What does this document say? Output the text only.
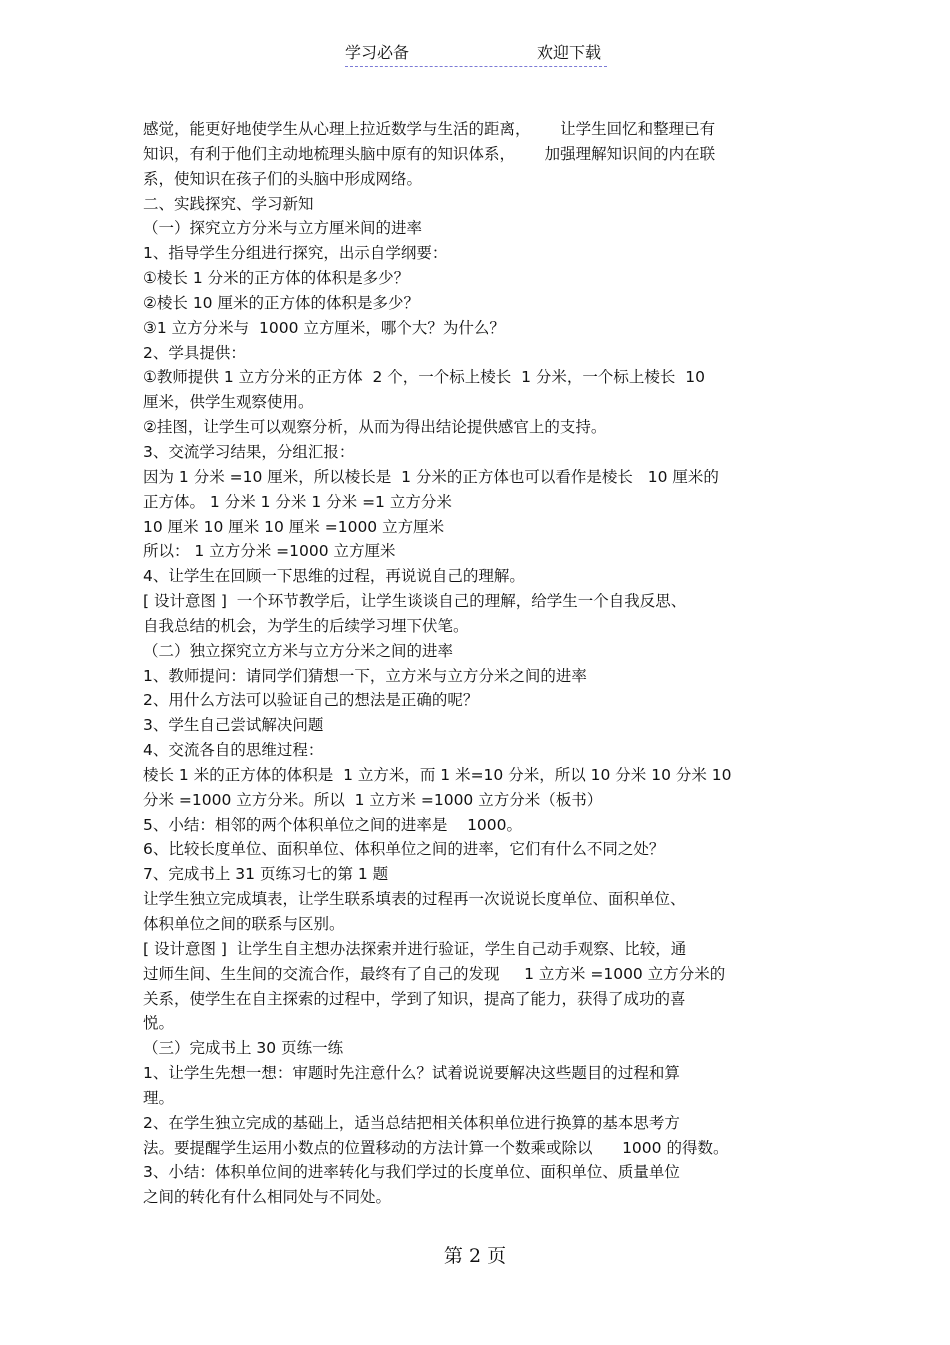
学习必备	欢迎下载
感觉，能更好地使学生从心理上拉近数学与生活的距离，      让学生回忆和整理已有
知识，有利于他们主动地梳理头脑中原有的知识体系，      加强理解知识间的内在联
系，使知识在孩子们的头脑中形成网络。
二、实践探究、学习新知
（一）探究立方分米与立方厘米间的进率
1、指导学生分组进行探究，出示自学纲要：
①棱长 1 分米的正方体的体积是多少？
②棱长 10 厘米的正方体的体积是多少？
③1 立方分米与  1000 立方厘米，哪个大？为什么？
2、学具提供：
①教师提供 1 立方分米的正方体  2 个，一个标上棱长  1 分米，一个标上棱长  10
厘米，供学生观察使用。
②挂图，让学生可以观察分析，从而为得出结论提供感官上的支持。
3、交流学习结果，分组汇报：
因为 1 分米 =10 厘米，所以棱长是  1 分米的正方体也可以看作是棱长   10 厘米的
正方体。 1 分米 1 分米 1 分米 =1 立方分米
10 厘米 10 厘米 10 厘米 =1000 立方厘米
所以： 1 立方分米 =1000 立方厘米
4、让学生在回顾一下思维的过程，再说说自己的理解。
[ 设计意图 ]  一个环节教学后，让学生谈谈自己的理解，给学生一个自我反思、
自我总结的机会，为学生的后续学习埋下伏笔。
（二）独立探究立方米与立方分米之间的进率
1、教师提问：请同学们猜想一下，立方米与立方分米之间的进率
2、用什么方法可以验证自己的想法是正确的呢？
3、学生自己尝试解决问题
4、交流各自的思维过程：
棱长 1 米的正方体的体积是  1 立方米，而 1 米=10 分米，所以 10 分米 10 分米 10
分米 =1000 立方分米。所以  1 立方米 =1000 立方分米（板书）
5、小结：相邻的两个体积单位之间的进率是    1000。
6、比较长度单位、面积单位、体积单位之间的进率，它们有什么不同之处？
7、完成书上 31 页练习七的第 1 题
让学生独立完成填表，让学生联系填表的过程再一次说说长度单位、面积单位、
体积单位之间的联系与区别。
[ 设计意图 ]  让学生自主想办法探索并进行验证，学生自己动手观察、比较，通
过师生间、生生间的交流合作，最终有了自己的发现     1 立方米 =1000 立方分米的
关系，使学生在自主探索的过程中，学到了知识，提高了能力，获得了成功的喜
悦。
（三）完成书上 30 页练一练
1、让学生先想一想：审题时先注意什么？试着说说要解决这些题目的过程和算
理。
2、在学生独立完成的基础上，适当总结把相关体积单位进行换算的基本思考方
法。要提醒学生运用小数点的位置移动的方法计算一个数乘或除以      1000 的得数。
3、小结：体积单位间的进率转化与我们学过的长度单位、面积单位、质量单位
之间的转化有什么相同处与不同处。
第 2 页
